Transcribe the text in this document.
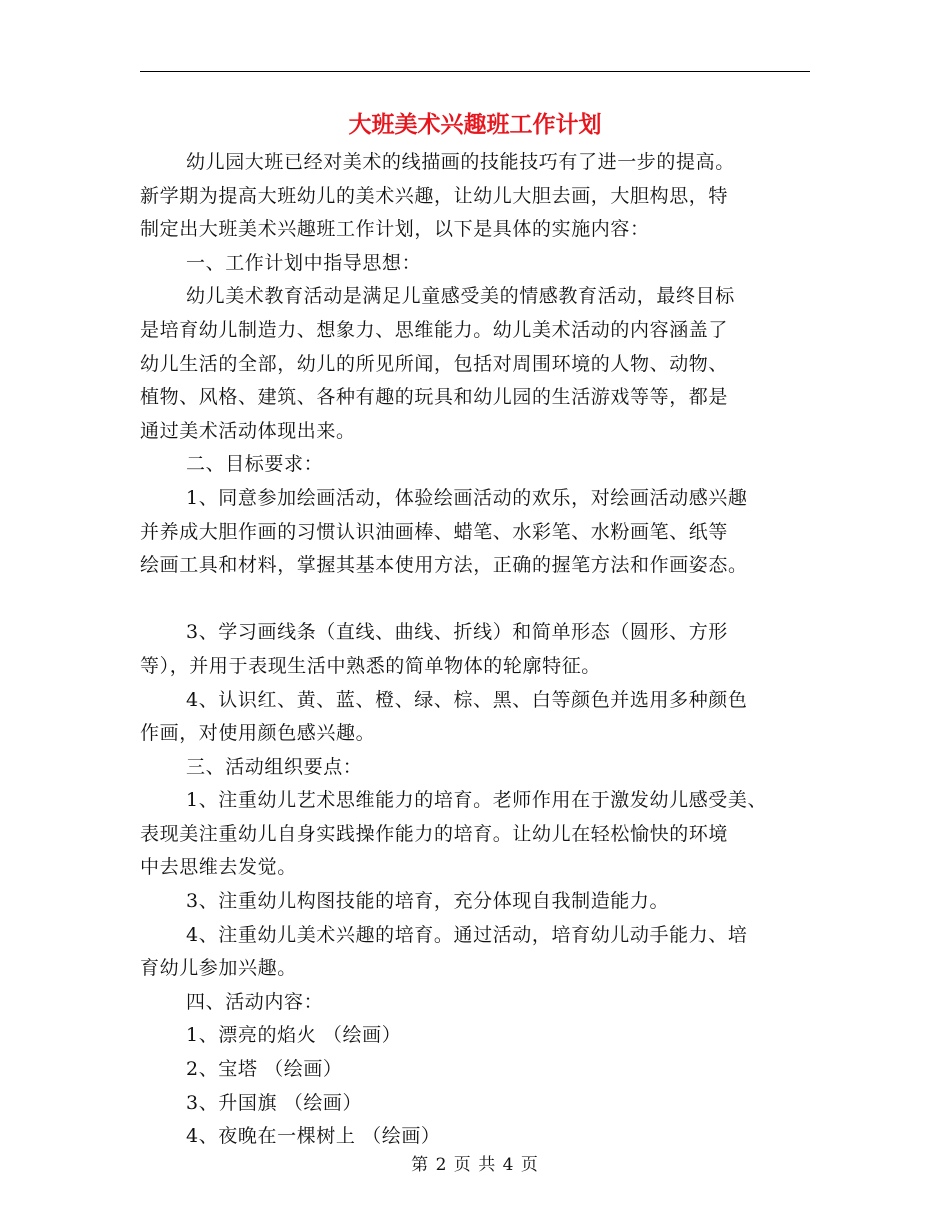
大班美术兴趣班工作计划
幼儿园大班已经对美术的线描画的技能技巧有了进一步的提高。
新学期为提高大班幼儿的美术兴趣，让幼儿大胆去画，大胆构思，特
制定出大班美术兴趣班工作计划，以下是具体的实施内容：
一、工作计划中指导思想：
幼儿美术教育活动是满足儿童感受美的情感教育活动，最终目标
是培育幼儿制造力、想象力、思维能力。幼儿美术活动的内容涵盖了
幼儿生活的全部，幼儿的所见所闻，包括对周围环境的人物、动物、
植物、风格、建筑、各种有趣的玩具和幼儿园的生活游戏等等，都是
通过美术活动体现出来。
二、目标要求：
1、同意参加绘画活动，体验绘画活动的欢乐，对绘画活动感兴趣
并养成大胆作画的习惯认识油画棒、蜡笔、水彩笔、水粉画笔、纸等
绘画工具和材料，掌握其基本使用方法，正确的握笔方法和作画姿态。
3、学习画线条（直线、曲线、折线）和简单形态（圆形、方形
等），并用于表现生活中熟悉的简单物体的轮廓特征。
4、认识红、黄、蓝、橙、绿、棕、黑、白等颜色并选用多种颜色
作画，对使用颜色感兴趣。
三、活动组织要点：
1、注重幼儿艺术思维能力的培育。老师作用在于激发幼儿感受美、
表现美注重幼儿自身实践操作能力的培育。让幼儿在轻松愉快的环境
中去思维去发觉。
3、注重幼儿构图技能的培育，充分体现自我制造能力。
4、注重幼儿美术兴趣的培育。通过活动，培育幼儿动手能力、培
育幼儿参加兴趣。
四、活动内容：
1、漂亮的焰火 （绘画）
2、宝塔 （绘画）
3、升国旗 （绘画）
4、夜晚在一棵树上 （绘画）
第 2 页 共 4 页
